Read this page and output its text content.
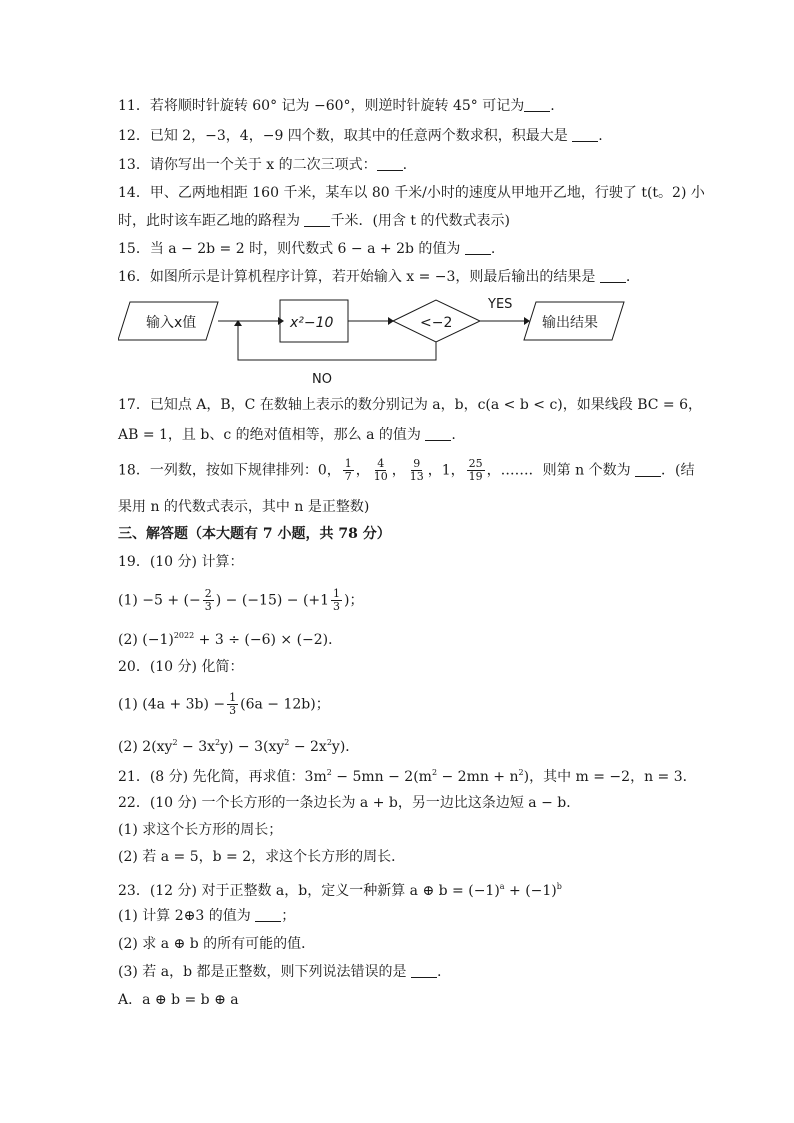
11．若将顺时针旋转 60° 记为 −60°，则逆时针旋转 45° 可记为 .
12．已知 2，−3，4，−9 四个数，取其中的任意两个数求积，积最大是 .
13．请你写出一个关于 x 的二次三项式： .
14．甲、乙两地相距 160 千米，某车以 80 千米/小时的速度从甲地开乙地，行驶了 t(t。2) 小
时，此时该车距乙地的路程为 千米．(用含 t 的代数式表示)
15．当 a − 2b = 2 时，则代数式 6 − a + 2b 的值为 .
16．如图所示是计算机程序计算，若开始输入 x = −3，则最后输出的结果是 .
输入x值	x²−10	<−2
YES
输出结果
NO
17．已知点 A，B，C 在数轴上表示的数分别记为 a，b，c(a < b < c)，如果线段 BC = 6，
AB = 1，且 b、c 的绝对值相等，那么 a 的值为 .
18．一列数，按如下规律排列：0， $\frac{1}{7}$ ， $\frac{4}{10}$ ， $\frac{9}{13}$ ，1， $\frac{25}{19}$ ，……．则第 n 个数为 ．(结
果用 n 的代数式表示，其中 n 是正整数)
三、解答题（本大题有 7 小题，共 78 分）
19．(10 分) 计算：
(1) −5 + (− $\frac{2}{3}$ ) − $(-15) - (+1 \frac{1}{3}$ )；
(2) $(-1)^{2022} + 3 \div (-6) \times (-2)$．
20．(10 分) 化简：
(1) $(4a + 3b) - \frac{1}{3} (6a - 12b)$；
(2) $2(xy^2 - 3x^2y) - 3(xy^2 - 2x^2y)$．
21．(8 分) 先化简，再求值：$3m^2 - 5mn - 2(m^2 - 2mn + n^2)$，其中 m = −2，n = 3．
22．(10 分) 一个长方形的一条边长为 a + b，另一边比这条边短 a − b．
(1) 求这个长方形的周长；
(2) 若 a = 5，b = 2，求这个长方形的周长．
23．(12 分) 对于正整数 a，b，定义一种新算 a ⊕ $b = (-1)^a + (-1)^b$
(1) 计算 2⊕3 的值为 ；
(2) 求 a ⊕ b 的所有可能的值．
(3) 若 a，b 都是正整数，则下列说法错误的是 .
A．a ⊕ b = b ⊕ a
